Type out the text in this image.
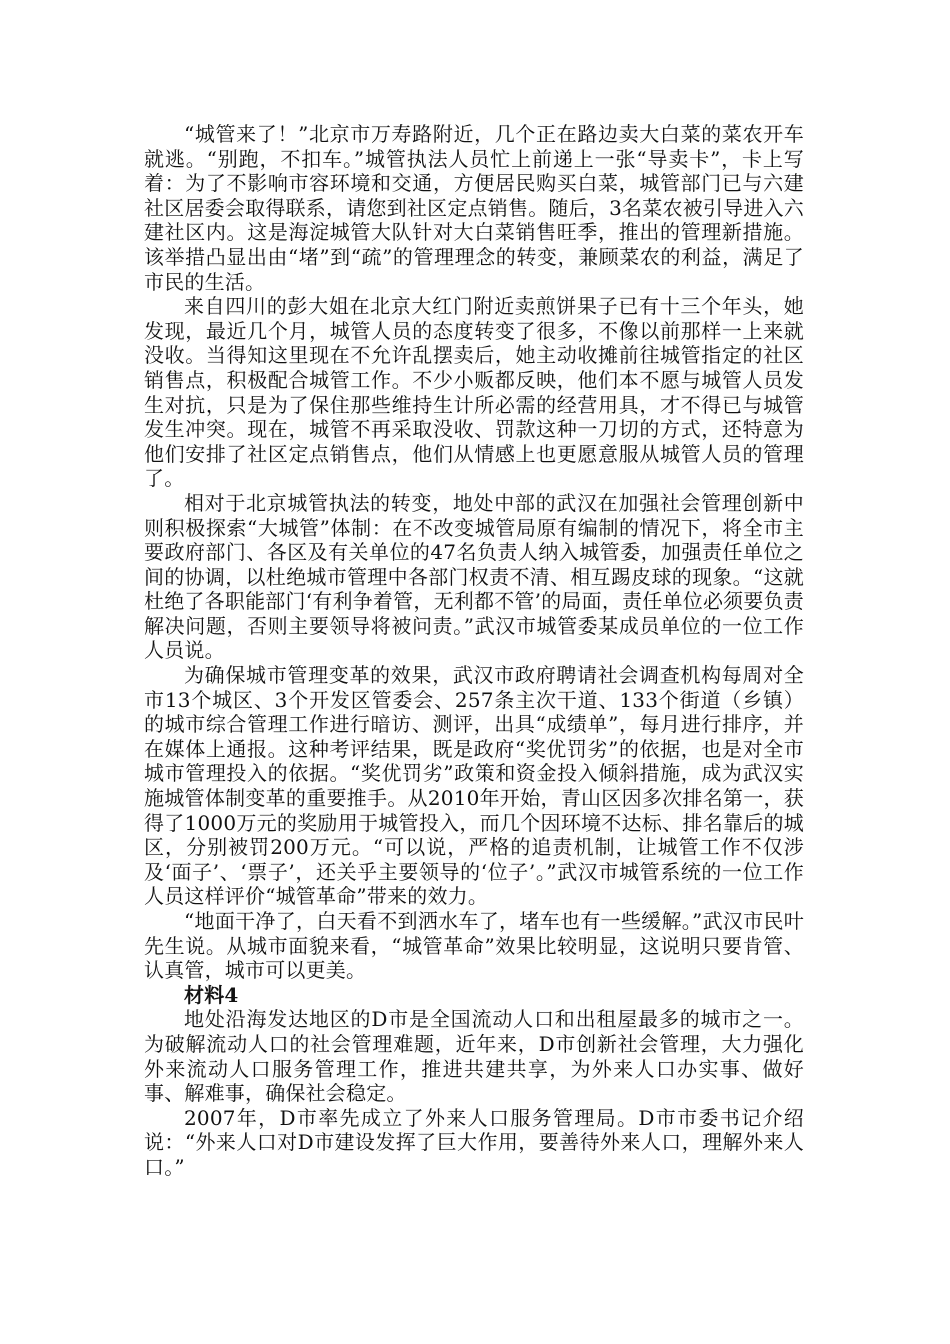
“城管来了！”北京市万寿路附近，几个正在路边卖大白菜的菜农开车就逃。“别跑，不扣车。”城管执法人员忙上前递上一张“导卖卡”，卡上写着：为了不影响市容环境和交通，方便居民购买白菜，城管部门已与六建社区居委会取得联系，请您到社区定点销售。随后，3名菜农被引导进入六建社区内。这是海淀城管大队针对大白菜销售旺季，推出的管理新措施。该举措凸显出由“堵”到“疏”的管理理念的转变，兼顾菜农的利益，满足了市民的生活。

来自四川的彭大姐在北京大红门附近卖煎饼果子已有十三个年头，她发现，最近几个月，城管人员的态度转变了很多，不像以前那样一上来就没收。当得知这里现在不允许乱摆卖后，她主动收摊前往城管指定的社区销售点，积极配合城管工作。不少小贩都反映，他们本不愿与城管人员发生对抗，只是为了保住那些维持生计所必需的经营用具，才不得已与城管发生冲突。现在，城管不再采取没收、罚款这种一刀切的方式，还特意为他们安排了社区定点销售点，他们从情感上也更愿意服从城管人员的管理了。

相对于北京城管执法的转变，地处中部的武汉在加强社会管理创新中则积极探索“大城管”体制：在不改变城管局原有编制的情况下，将全市主要政府部门、各区及有关单位的47名负责人纳入城管委，加强责任单位之间的协调，以杜绝城市管理中各部门权责不清、相互踢皮球的现象。“这就杜绝了各职能部门‘有利争着管，无利都不管’的局面，责任单位必须要负责解决问题，否则主要领导将被问责。”武汉市城管委某成员单位的一位工作人员说。

为确保城市管理变革的效果，武汉市政府聘请社会调查机构每周对全市13个城区、3个开发区管委会、257条主次干道、133个街道（乡镇）的城市综合管理工作进行暗访、测评，出具“成绩单”，每月进行排序，并在媒体上通报。这种考评结果，既是政府“奖优罚劣”的依据，也是对全市城市管理投入的依据。“奖优罚劣”政策和资金投入倾斜措施，成为武汉实施城管体制变革的重要推手。从2010年开始，青山区因多次排名第一，获得了1000万元的奖励用于城管投入，而几个因环境不达标、排名靠后的城区，分别被罚200万元。“可以说，严格的追责机制，让城管工作不仅涉及‘面子’、‘票子’，还关乎主要领导的‘位子’。”武汉市城管系统的一位工作人员这样评价“城管革命”带来的效力。

“地面干净了，白天看不到洒水车了，堵车也有一些缓解。”武汉市民叶先生说。从城市面貌来看，“城管革命”效果比较明显，这说明只要肯管、认真管，城市可以更美。

材料4

地处沿海发达地区的D市是全国流动人口和出租屋最多的城市之一。为破解流动人口的社会管理难题，近年来，D市创新社会管理，大力强化外来流动人口服务管理工作，推进共建共享，为外来人口办实事、做好事、解难事，确保社会稳定。

2007年，D市率先成立了外来人口服务管理局。D市市委书记介绍说：“外来人口对D市建设发挥了巨大作用，要善待外来人口，理解外来人口。”
